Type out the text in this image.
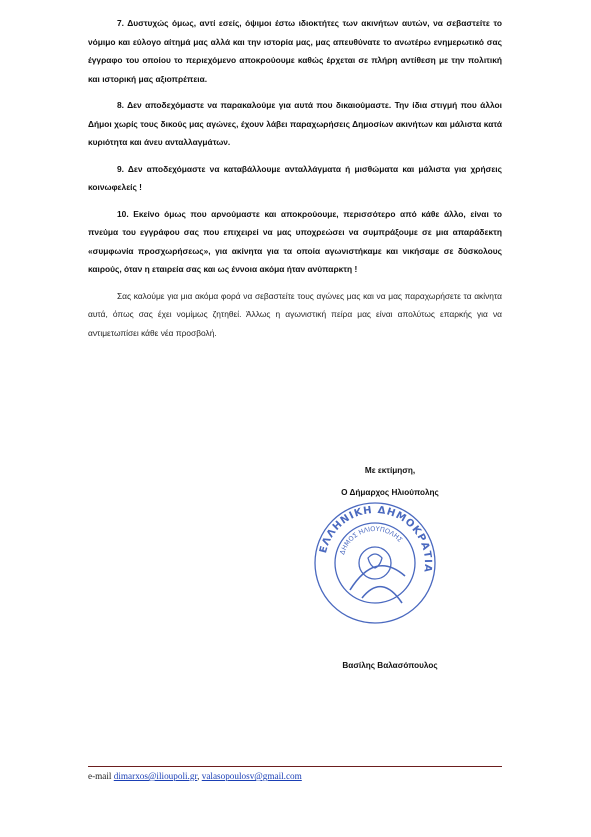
7. Δυστυχώς όμως, αντί εσείς, όψιμοι έστω ιδιοκτήτες των ακινήτων αυτών, να σεβαστείτε το νόμιμο και εύλογο αίτημά μας αλλά και την ιστορία μας, μας απευθύνατε το ανωτέρω ενημερωτικό σας έγγραφο του οποίου το περιεχόμενο αποκρούουμε καθώς έρχεται σε πλήρη αντίθεση με την πολιτική και ιστορική μας αξιοπρέπεια.

8. Δεν αποδεχόμαστε να παρακαλούμε για αυτά που δικαιούμαστε. Την ίδια στιγμή που άλλοι Δήμοι χωρίς τους δικούς μας αγώνες, έχουν λάβει παραχωρήσεις Δημοσίων ακινήτων και μάλιστα κατά κυριότητα και άνευ ανταλλαγμάτων.

9. Δεν αποδεχόμαστε να καταβάλλουμε ανταλλάγματα ή μισθώματα και μάλιστα για χρήσεις κοινωφελείς !

10. Εκείνο όμως που αρνούμαστε και αποκρούουμε, περισσότερο από κάθε άλλο, είναι το πνεύμα του εγγράφου σας που επιχειρεί να μας υποχρεώσει να συμπράξουμε σε μια απαράδεκτη «συμφωνία προσχωρήσεως», για ακίνητα για τα οποία αγωνιστήκαμε και νικήσαμε σε δύσκολους καιρούς, όταν η εταιρεία σας και ως έννοια ακόμα ήταν ανύπαρκτη !

Σας καλούμε για μια ακόμα φορά να σεβαστείτε τους αγώνες μας και να μας παραχωρήσετε τα ακίνητα αυτά, όπως σας έχει νομίμως ζητηθεί. Άλλως η αγωνιστική πείρα μας είναι απολύτως επαρκής για να αντιμετωπίσει κάθε νέα προσβολή.

Με εκτίμηση,
Ο Δήμαρχος Ηλιούπολης
ΕΛΛΗΝΙΚΗ ΔΗΜΟΚΡΑΤΙΑ
ΔΗΜΟΣ ΗΛΙΟΥΠΟΛΗΣ
Βασίλης Βαλασόπουλος
e-mail dimarxos@ilioupoli.gr, valasopoulosv@gmail.com
